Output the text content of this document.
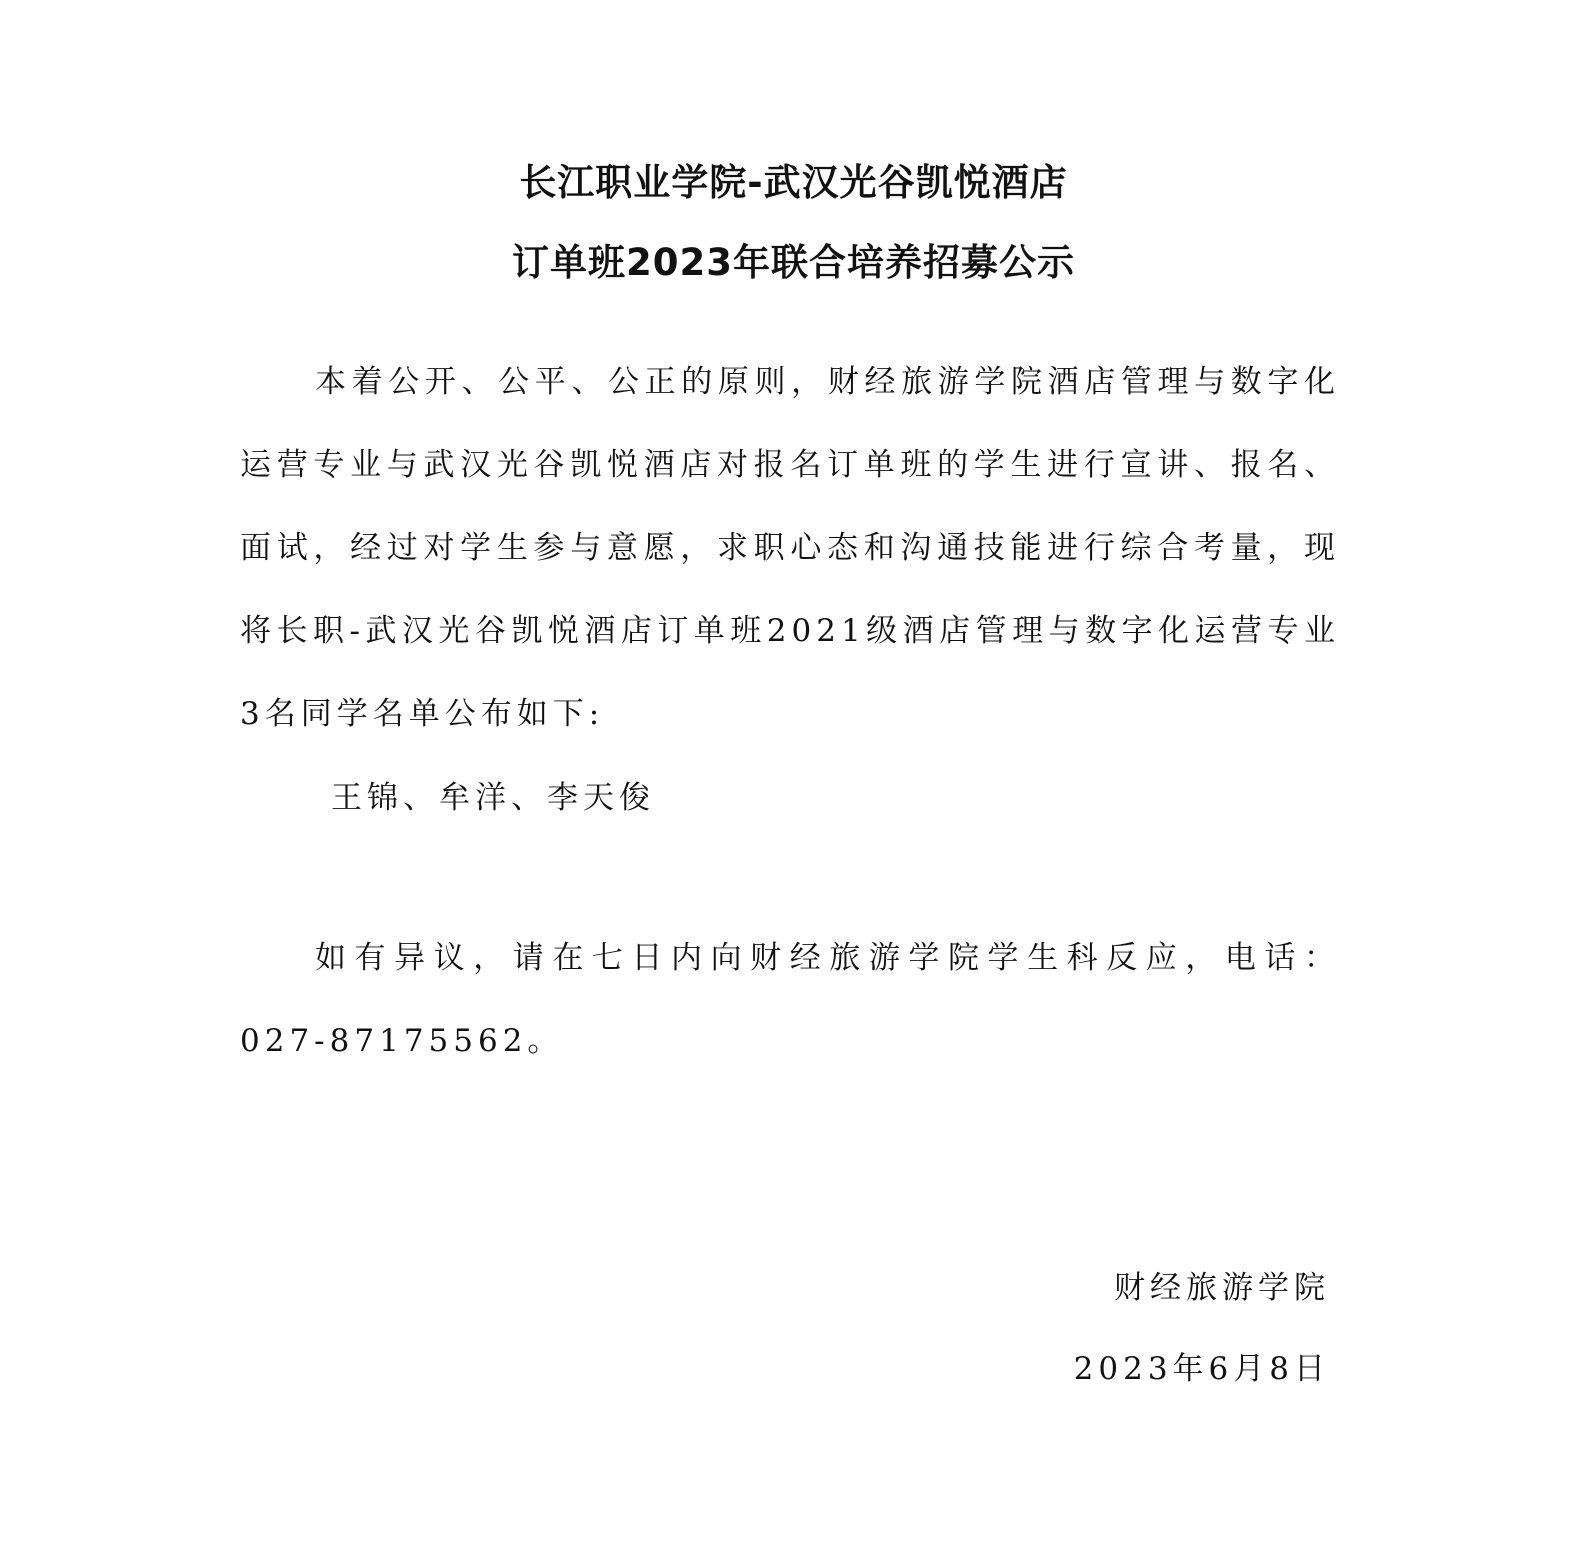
长江职业学院-武汉光谷凯悦酒店
订单班2023年联合培养招募公示

本着公开、公平、公正的原则，财经旅游学院酒店管理与数字化运营专业与武汉光谷凯悦酒店对报名订单班的学生进行宣讲、报名、面试，经过对学生参与意愿，求职心态和沟通技能进行综合考量，现将长职-武汉光谷凯悦酒店订单班2021级酒店管理与数字化运营专业3名同学名单公布如下:

王锦、牟洋、李天俊

如有异议，请在七日内向财经旅游学院学生科反应，电话：027-87175562。

财经旅游学院

2023年6月8日
